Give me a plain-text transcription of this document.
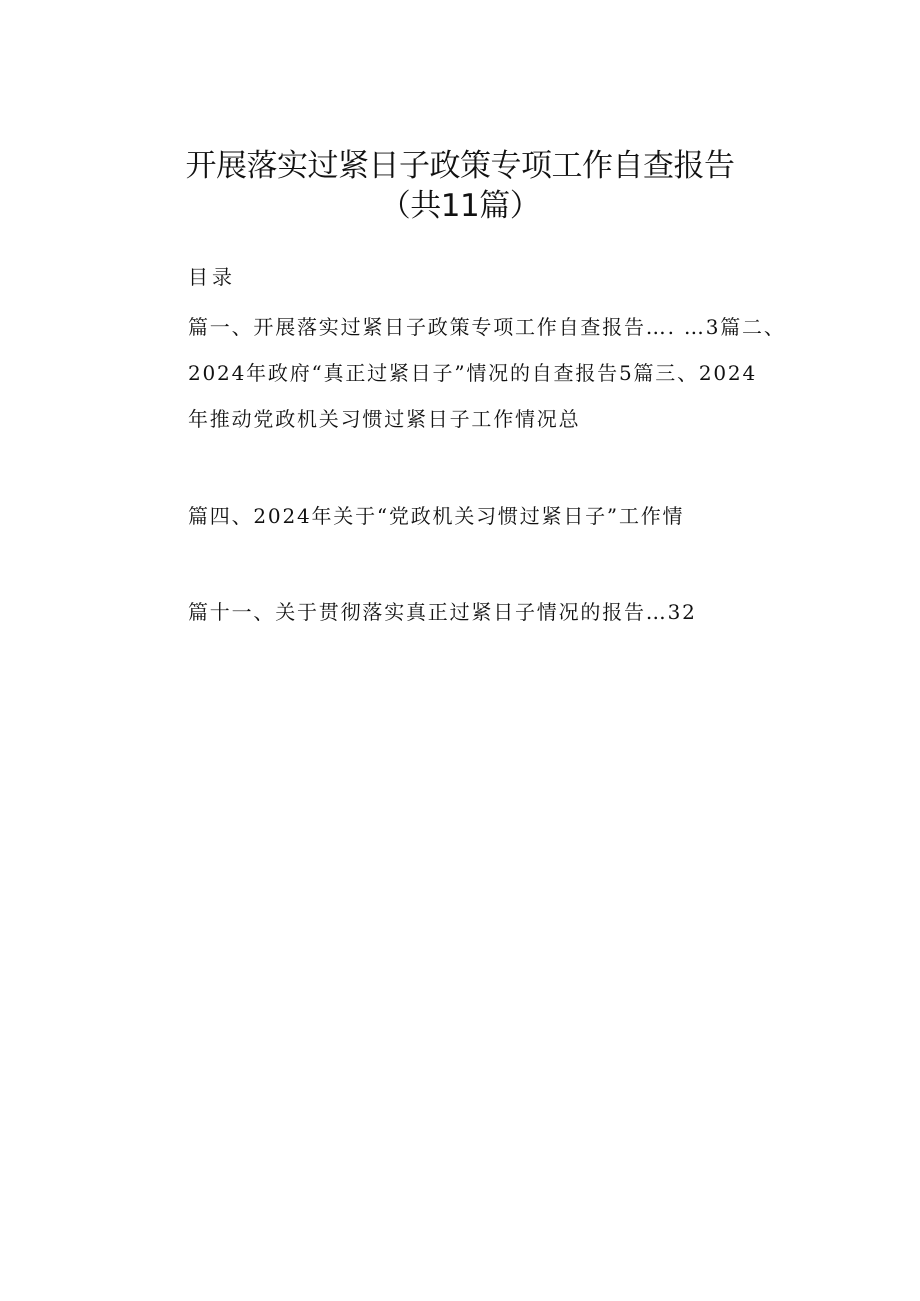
开展落实过紧日子政策专项工作自查报告
（共11篇）
目录
篇一、开展落实过紧日子政策专项工作自查报告…. …3篇二、
2024年政府“真正过紧日子”情况的自查报告5篇三、2024
年推动党政机关习惯过紧日子工作情况总
篇四、2024年关于“党政机关习惯过紧日子”工作情
篇十一、关于贯彻落实真正过紧日子情况的报告…32
